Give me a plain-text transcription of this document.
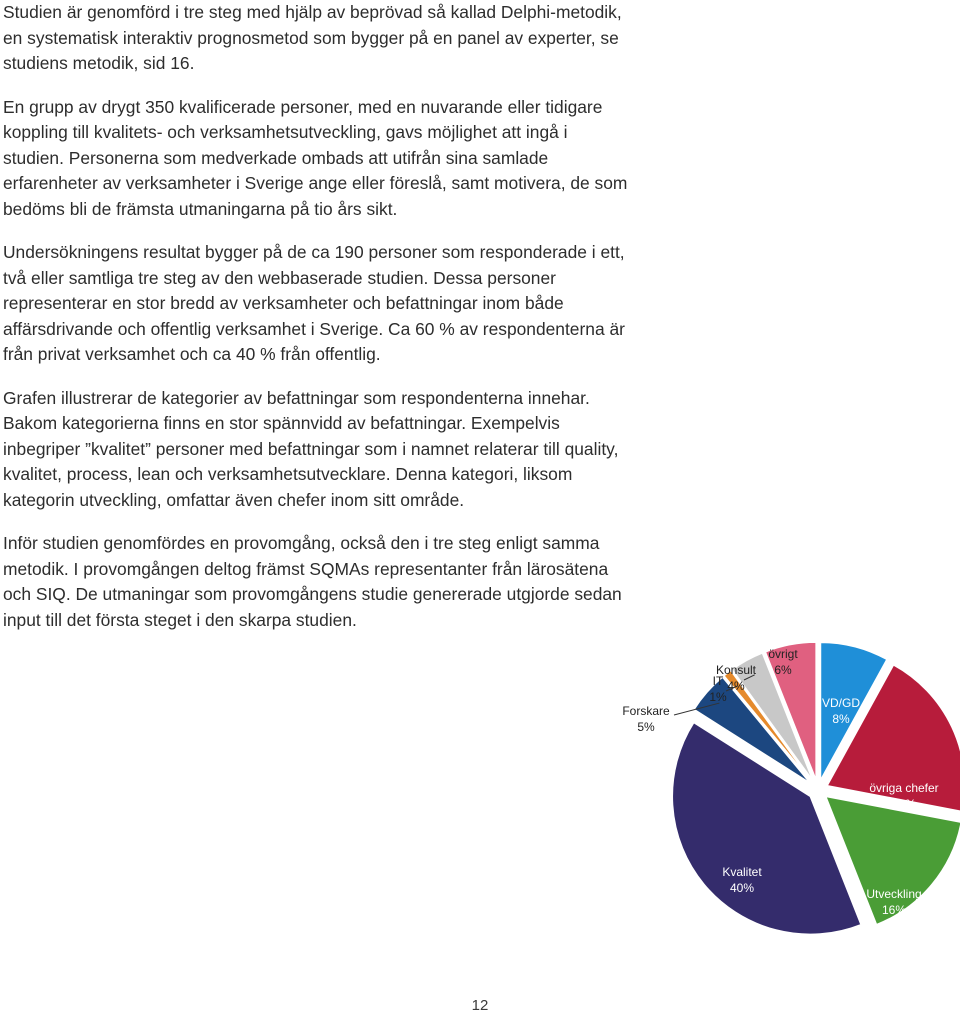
Studien är genomförd i tre steg med hjälp av beprövad så kallad Delphi-metodik, en systematisk interaktiv prognosmetod som bygger på en panel av experter, se studiens metodik, sid 16.

En grupp av drygt 350 kvalificerade personer, med en nuvarande eller tidigare koppling till kvalitets- och verksamhetsutveckling, gavs möjlighet att ingå i studien. Personerna som medverkade ombads att utifrån sina samlade erfarenheter av verksamheter i Sverige ange eller föreslå, samt motivera, de som bedöms bli de främsta utmaningarna på tio års sikt.

Undersökningens resultat bygger på de ca 190 personer som responderade i ett, två eller samtliga tre steg av den webbaserade studien. Dessa personer representerar en stor bredd av verksamheter och befattningar inom både affärsdrivande och offentlig verksamhet i Sverige. Ca 60 % av respondenterna är från privat verksamhet och ca 40 % från offentlig.

Grafen illustrerar de kategorier av befattningar som respondenterna innehar. Bakom kategorierna finns en stor spännvidd av befattningar. Exempelvis inbegriper ”kvalitet” personer med befattningar som i namnet relaterar till quality, kvalitet, process, lean och verksamhetsutvecklare. Denna kategori, liksom kategorin utveckling, omfattar även chefer inom sitt område.

Inför studien genomfördes en provomgång, också den i tre steg enligt samma metodik. I provomgången deltog främst SQMAs representanter från lärosätena och SIQ. De utmaningar som provomgångens studie genererade utgjorde sedan input till det första steget i den skarpa studien.

VD/GD
8%
övriga chefer
20%
Utveckling
16%
Kvalitet
40%
Forskare
5%
IT
1%
Konsult
4%
övrigt
6%
12
